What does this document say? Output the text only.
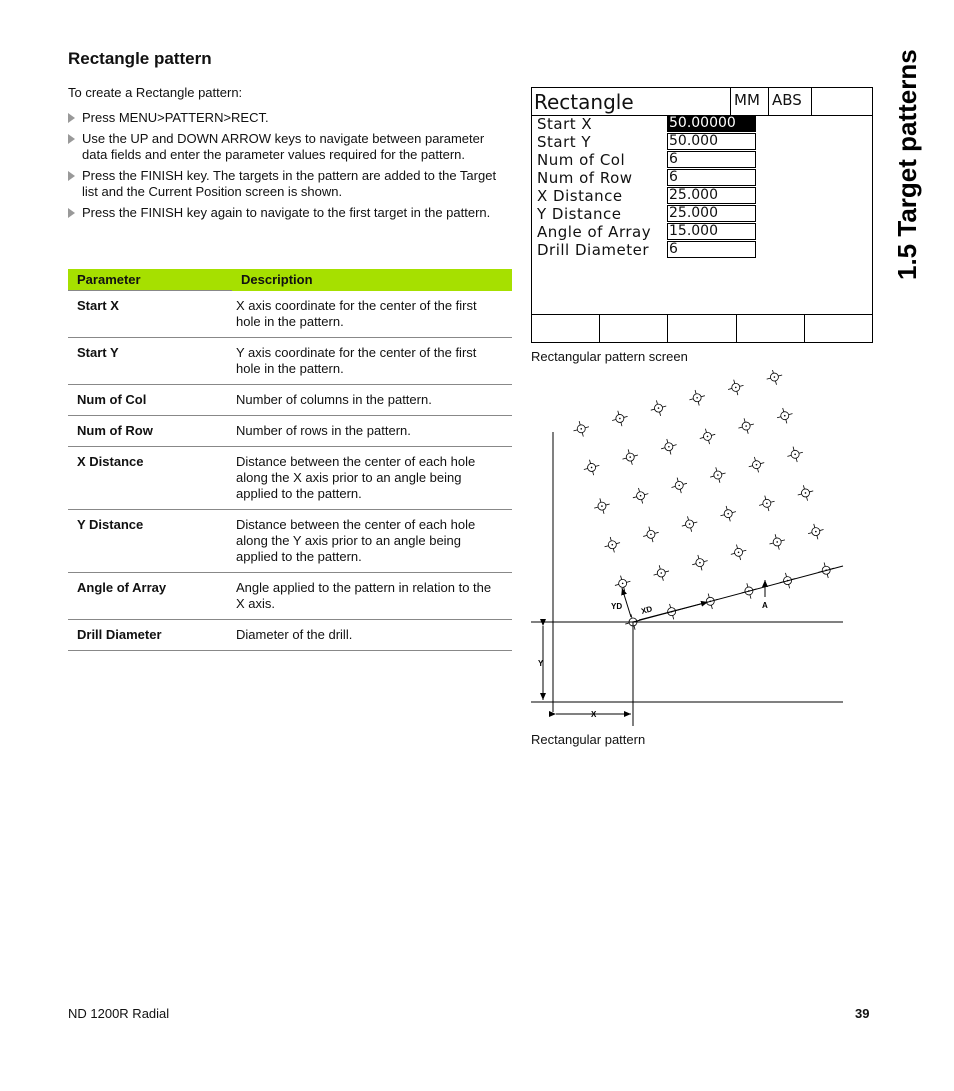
Rectangle pattern
To create a Rectangle pattern:
Press MENU>PATTERN>RECT.
Use the UP and DOWN ARROW keys to navigate between parameter data fields and enter the parameter values required for the pattern.
Press the FINISH key. The targets in the pattern are added to the Target list and the Current Position screen is shown.
Press the FINISH key again to navigate to the first target in the pattern.
Parameter	Description
Start X	X axis coordinate for the center of the first hole in the pattern.
Start Y	Y axis coordinate for the center of the first hole in the pattern.
Num of Col	Number of columns in the pattern.
Num of Row	Number of rows in the pattern.
X Distance	Distance between the center of each hole along the X axis prior to an angle being applied to the pattern.
Y Distance	Distance between the center of each hole along the Y axis prior to an angle being applied to the pattern.
Angle of Array	Angle applied to the pattern in relation to the X axis.
Drill Diameter	Diameter of the drill.
1.5 Target patterns
Rectangle	MM ABS
Start X	50.00000
Start Y	50.000
Num of Col	6
Num of Row	6
X Distance	25.000
Y Distance	25.000
Angle of Array 15.000
Drill Diameter 6
Rectangular pattern screen
YD XD	A
Y
X
Rectangular pattern
ND 1200R Radial	39
